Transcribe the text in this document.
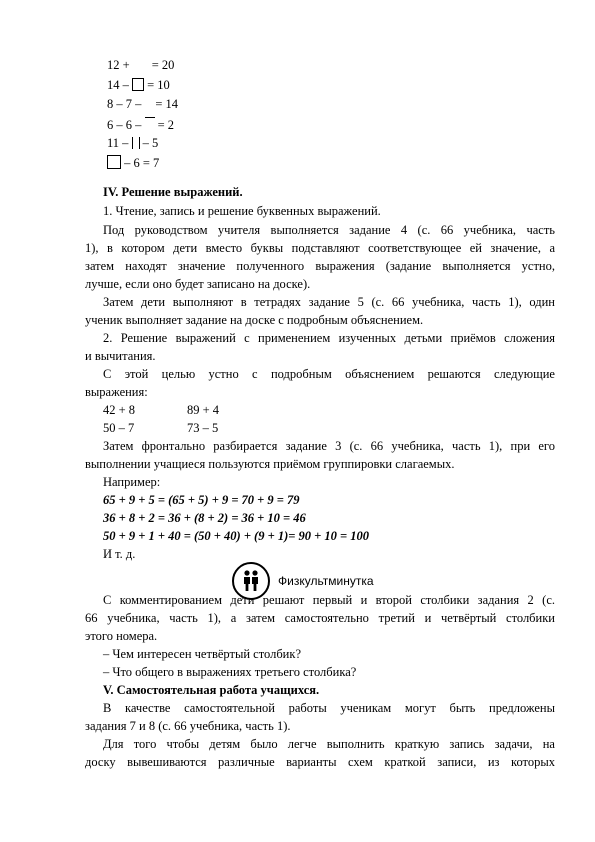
12 + = 20
14 – = 10
8 – 7 – = 14
6 – 6 – = 2
11 – – 5
– 6 = 7
IV. Решение выражений.
1. Чтение, запись и решение буквенных выражений.
Под руководством учителя выполняется задание 4 (с. 66 учебника, часть
1), в котором дети вместо буквы подставляют соответствующее ей значение, а
затем находят значение полученного выражения (задание выполняется устно,
лучше, если оно будет записано на доске).
Затем дети выполняют в тетрадях задание 5 (с. 66 учебника, часть 1), один
ученик выполняет задание на доске с подробным объяснением.
2. Решение выражений с применением изученных детьми приёмов сложения
и вычитания.
С этой целью устно с подробным объяснением решаются следующие
выражения:
42 + 8	89 + 4
50 – 7	73 – 5
Затем фронтально разбирается задание 3 (с. 66 учебника, часть 1), при его
выполнении учащиеся пользуются приёмом группировки слагаемых.
Например:
65 + 9 + 5 = (65 + 5) + 9 = 70 + 9 = 79
36 + 8 + 2 = 36 + (8 + 2) = 36 + 10 = 46
50 + 9 + 1 + 40 = (50 + 40) + (9 + 1)= 90 + 10 = 100
И т. д.
Физкультминутка
С комментированием дети решают первый и второй столбики задания 2 (с.
66 учебника, часть 1), а затем самостоятельно третий и четвёртый столбики
этого номера.
– Чем интересен четвёртый столбик?
– Что общего в выражениях третьего столбика?
V. Самостоятельная работа учащихся.
В качестве самостоятельной работы ученикам могут быть предложены
задания 7 и 8 (с. 66 учебника, часть 1).
Для того чтобы детям было легче выполнить краткую запись задачи, на
доску вывешиваются различные варианты схем краткой записи, из которых
